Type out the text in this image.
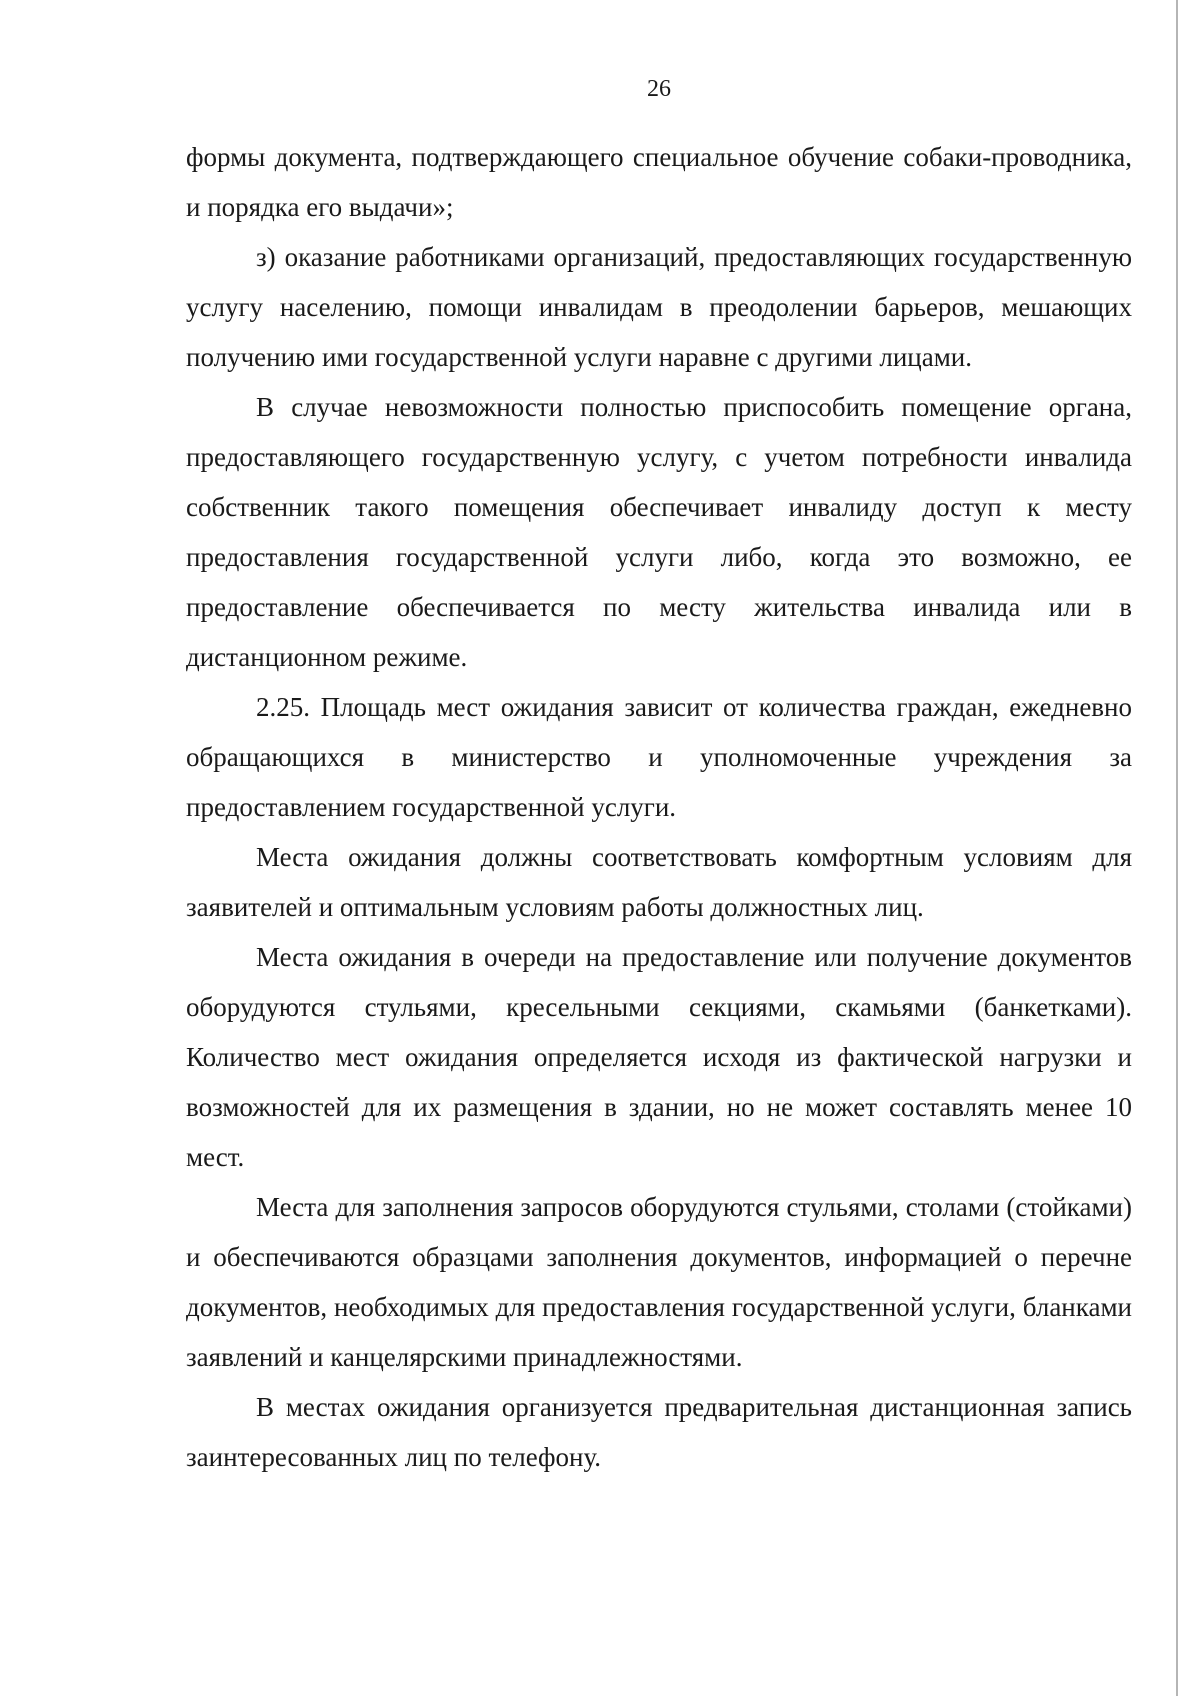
26

формы документа, подтверждающего специальное обучение собаки-проводника, и порядка его выдачи»;

з) оказание работниками организаций, предоставляющих государственную услугу населению, помощи инвалидам в преодолении барьеров, мешающих получению ими государственной услуги наравне с другими лицами.

В случае невозможности полностью приспособить помещение органа, предоставляющего государственную услугу, с учетом потребности инвалида собственник такого помещения обеспечивает инвалиду доступ к месту предоставления государственной услуги либо, когда это возможно, ее предоставление обеспечивается по месту жительства инвалида или в дистанционном режиме.

2.25. Площадь мест ожидания зависит от количества граждан, ежедневно обращающихся в министерство и уполномоченные учреждения за предоставлением государственной услуги.

Места ожидания должны соответствовать комфортным условиям для заявителей и оптимальным условиям работы должностных лиц.

Места ожидания в очереди на предоставление или получение документов оборудуются стульями, кресельными секциями, скамьями (банкетками). Количество мест ожидания определяется исходя из фактической нагрузки и возможностей для их размещения в здании, но не может составлять менее 10 мест.

Места для заполнения запросов оборудуются стульями, столами (стойками) и обеспечиваются образцами заполнения документов, информацией о перечне документов, необходимых для предоставления государственной услуги, бланками заявлений и канцелярскими принадлежностями.

В местах ожидания организуется предварительная дистанционная запись заинтересованных лиц по телефону.
